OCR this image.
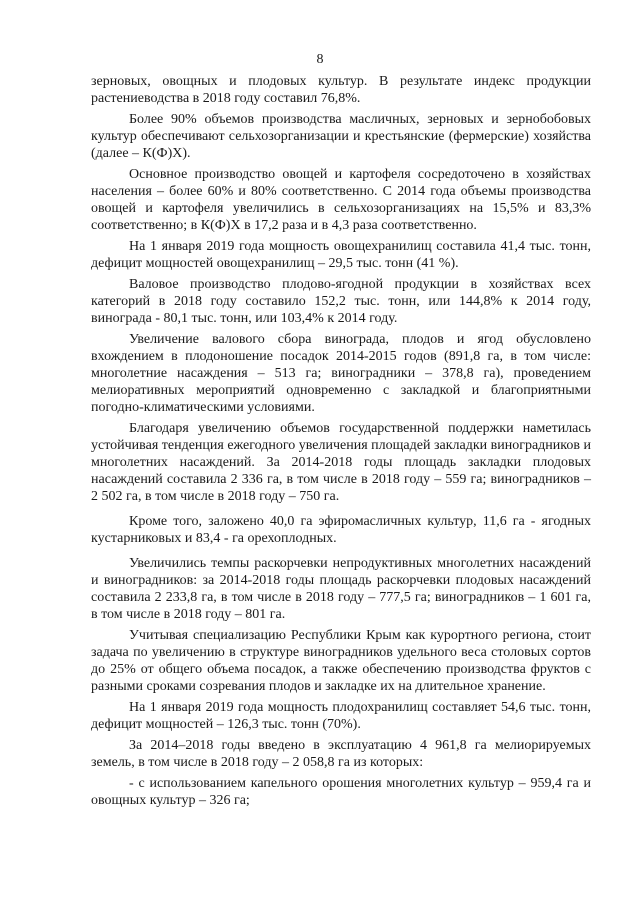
8

зерновых, овощных и плодовых культур. В результате индекс продукции растениеводства в 2018 году составил 76,8%.

Более 90% объемов производства масличных, зерновых и зернобобовых культур обеспечивают сельхозорганизации и крестьянские (фермерские) хозяйства (далее – К(Ф)Х).

Основное производство овощей и картофеля сосредоточено в хозяйствах населения – более 60% и 80% соответственно. С 2014 года объемы производства овощей и картофеля увеличились в сельхозорганизациях на 15,5% и 83,3% соответственно; в К(Ф)Х в 17,2 раза и в 4,3 раза соответственно.

На 1 января 2019 года мощность овощехранилищ составила 41,4 тыс. тонн, дефицит мощностей овощехранилищ – 29,5 тыс. тонн (41 %).

Валовое производство плодово-ягодной продукции в хозяйствах всех категорий в 2018 году составило 152,2 тыс. тонн, или 144,8% к 2014 году, винограда - 80,1 тыс. тонн, или 103,4% к 2014 году.

Увеличение валового сбора винограда, плодов и ягод обусловлено вхождением в плодоношение посадок 2014-2015 годов (891,8 га, в том числе: многолетние насаждения – 513 га; виноградники – 378,8 га), проведением мелиоративных мероприятий одновременно с закладкой и благоприятными погодно-климатическими условиями.

Благодаря увеличению объемов государственной поддержки наметилась устойчивая тенденция ежегодного увеличения площадей закладки виноградников и многолетних насаждений. За 2014-2018 годы площадь закладки плодовых насаждений составила 2 336 га, в том числе в 2018 году – 559 га; виноградников – 2 502 га, в том числе в 2018 году – 750 га.

Кроме того, заложено 40,0 га эфиромасличных культур, 11,6 га - ягодных кустарниковых и 83,4 - га орехоплодных.

Увеличились темпы раскорчевки непродуктивных многолетних насаждений и виноградников: за 2014-2018 годы площадь раскорчевки плодовых насаждений составила 2 233,8 га, в том числе в 2018 году – 777,5 га; виноградников – 1 601 га, в том числе в 2018 году – 801 га.

Учитывая специализацию Республики Крым как курортного региона, стоит задача по увеличению в структуре виноградников удельного веса столовых сортов до 25% от общего объема посадок, а также обеспечению производства фруктов с разными сроками созревания плодов и закладке их на длительное хранение.

На 1 января 2019 года мощность плодохранилищ составляет 54,6 тыс. тонн, дефицит мощностей – 126,3 тыс. тонн (70%).

За 2014–2018 годы введено в эксплуатацию 4 961,8 га мелиорируемых земель, в том числе в 2018 году – 2 058,8 га из которых:

- с использованием капельного орошения многолетних культур – 959,4 га и овощных культур – 326 га;
